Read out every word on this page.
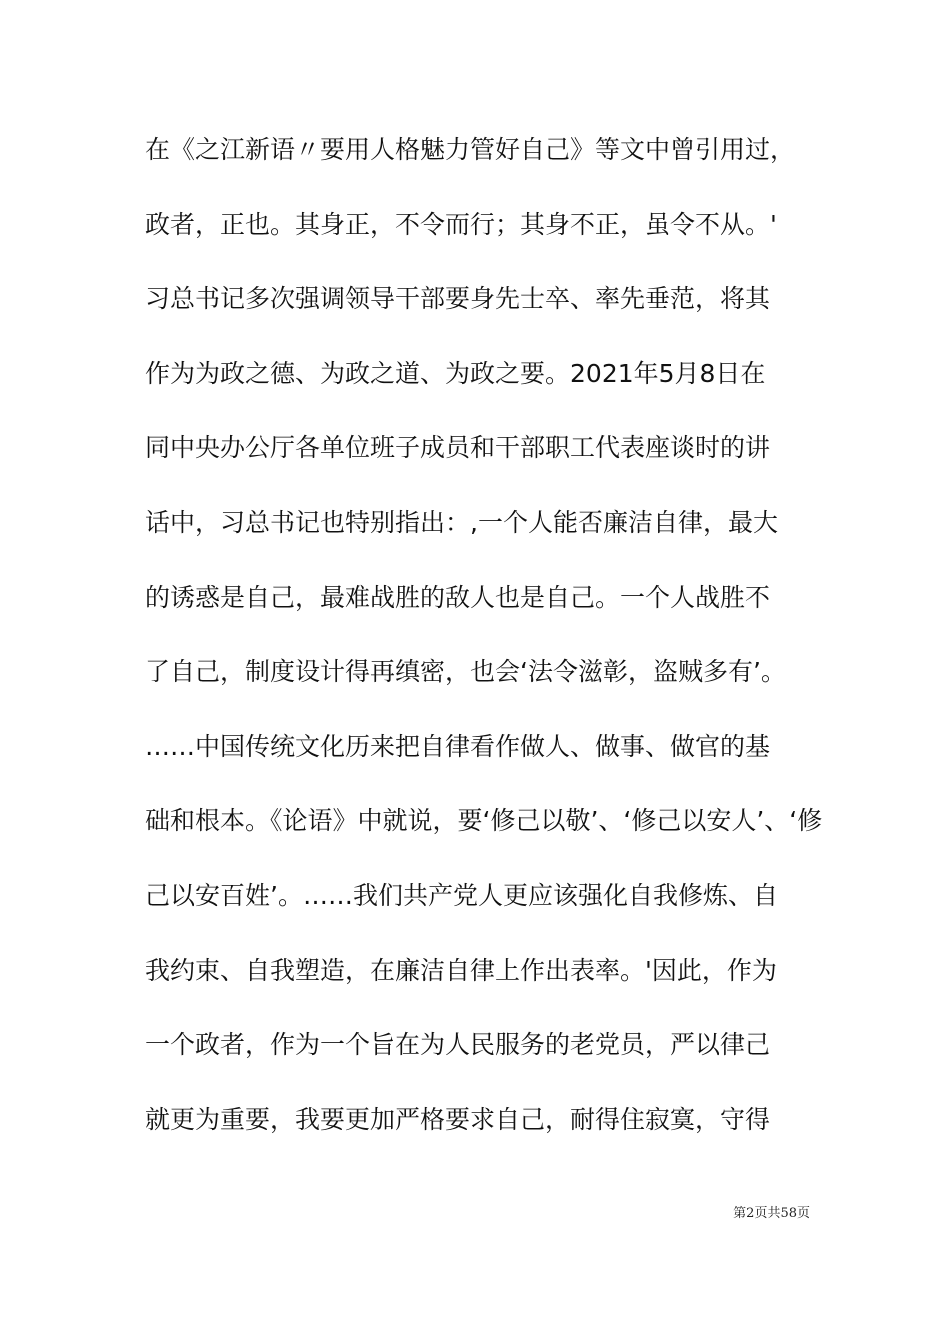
在《之江新语〃要用人格魅力管好自己》等文中曾引用过，
政者，正也。其身正，不令而行；其身不正，虽令不从。'
习总书记多次强调领导干部要身先士卒、率先垂范，将其
作为为政之德、为政之道、为政之要。2021年5月8日在
同中央办公厅各单位班子成员和干部职工代表座谈时的讲
话中，习总书记也特别指出：,一个人能否廉洁自律，最大
的诱惑是自己，最难战胜的敌人也是自己。一个人战胜不
了自己，制度设计得再缜密，也会‘法令滋彰，盗贼多有’。
……中国传统文化历来把自律看作做人、做事、做官的基
础和根本。《论语》中就说，要‘修己以敬’、‘修己以安人’、‘修
己以安百姓’。……我们共产党人更应该强化自我修炼、自
我约束、自我塑造，在廉洁自律上作出表率。'因此，作为
一个政者，作为一个旨在为人民服务的老党员，严以律己
就更为重要，我要更加严格要求自己，耐得住寂寞，守得
第2页共58页
